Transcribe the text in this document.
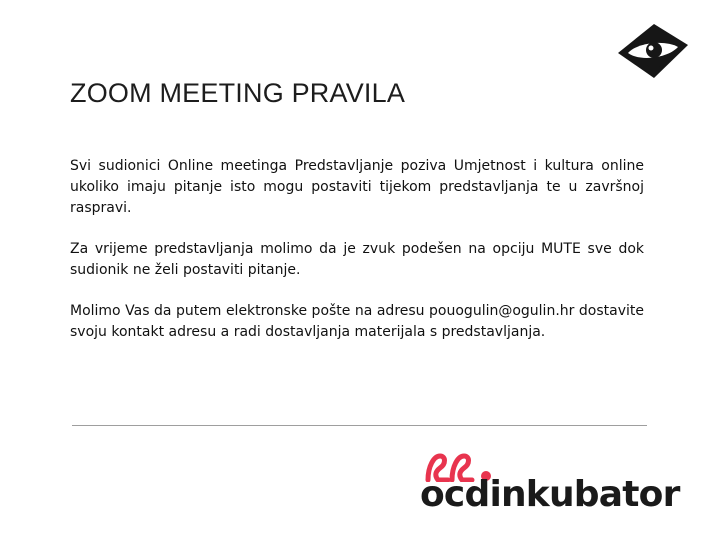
ZOOM MEETING PRAVILA

Svi sudionici Online meetinga Predstavljanje poziva Umjetnost i kultura online ukoliko imaju pitanje isto mogu postaviti tijekom predstavljanja te u završnoj raspravi.

Za vrijeme predstavljanja molimo da je zvuk podešen na opciju MUTE sve dok sudionik ne želi postaviti pitanje.

Molimo Vas da putem elektronske pošte na adresu pouogulin@ogulin.hr dostavite svoju kontakt adresu a radi dostavljanja materijala s predstavljanja.

ocdinkubator
